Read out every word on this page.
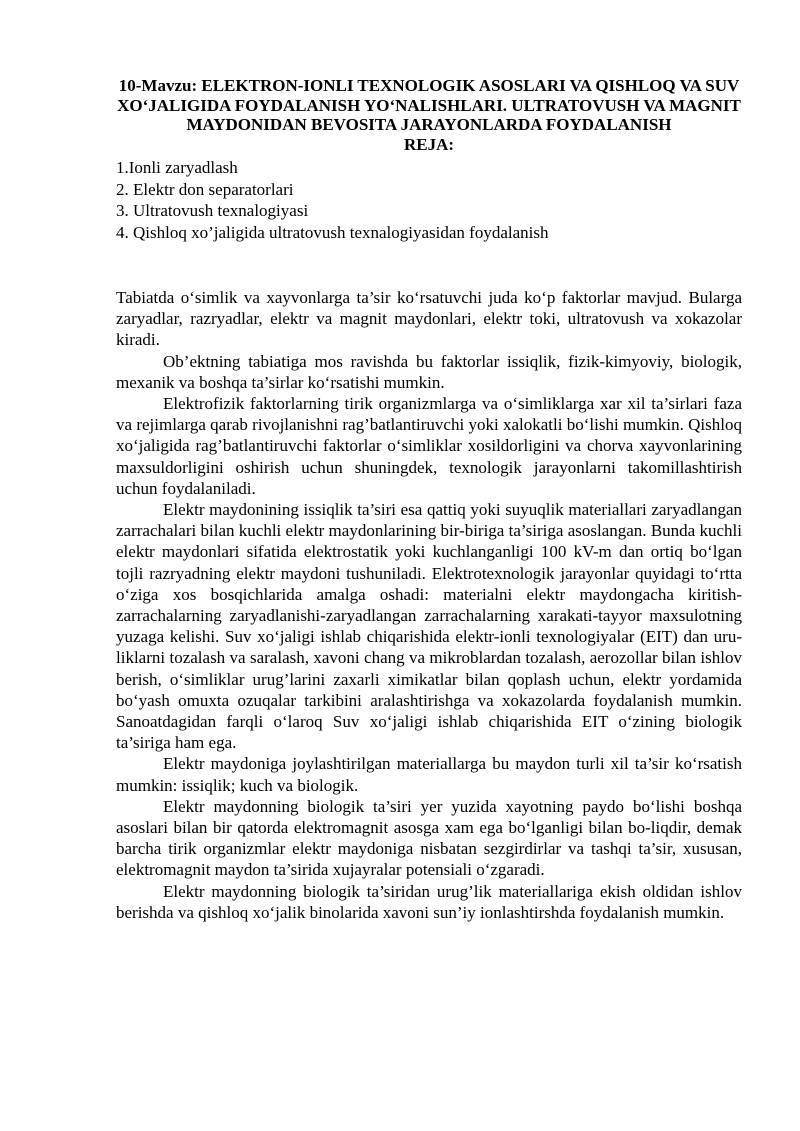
10-Mavzu: ELEKTRON-IONLI TEXNOLOGIK ASOSLARI VA QISHLOQ VA SUV XO‘JALIGIDA FOYDALANISH YO‘NALISHLARI. ULTRATOVUSH VA MAGNIT MAYDONIDAN BEVOSITA JARAYONLARDA FOYDALANISH
REJA:
1.Ionli zaryadlash
2. Elektr don separatorlari
3. Ultratovush texnalogiyasi
4. Qishloq xo’jaligida ultratovush texnalogiyasidan foydalanish

Tabiatda o‘simlik va xayvonlarga ta’sir ko‘rsatuvchi juda ko‘p faktorlar mavjud. Bularga zaryadlar, razryadlar, elektr va magnit maydonlari, elektr toki, ultratovush va xokazolar kiradi.

Ob’ektning tabiatiga mos ravishda bu faktorlar issiqlik, fizik-kimyoviy, biologik, mexanik va boshqa ta’sirlar ko‘rsatishi mumkin.

Elektrofizik faktorlarning tirik organizmlarga va o‘simliklarga xar xil ta’sirlari faza va rejimlarga qarab rivojlanishni rag’batlantiruvchi yoki xalokatli bo‘lishi mumkin. Qishloq xo‘jaligida rag’batlantiruvchi faktorlar o‘simliklar xosildorligini va chorva xayvonlarining maxsuldorligini oshirish uchun shuningdek, texnologik jarayonlarni takomillashtirish uchun foydalaniladi.

Elektr maydonining issiqlik ta’siri esa qattiq yoki suyuqlik materiallari zaryadlangan zarrachalari bilan kuchli elektr maydonlarining bir-biriga ta’siriga asoslangan. Bunda kuchli elektr maydonlari sifatida elektrostatik yoki kuchlanganligi 100 kV-m dan ortiq bo‘lgan tojli razryadning elektr maydoni tushuniladi. Elektrotexnologik jarayonlar quyidagi to‘rtta o‘ziga xos bosqichlarida amalga oshadi: materialni elektr maydongacha kiritish-zarrachalarning zaryadlanishi-zaryadlangan zarrachalarning xarakati-tayyor maxsulotning yuzaga kelishi. Suv xo‘jaligi ishlab chiqarishida elektr-ionli texnologiyalar (EIT) dan uru-liklarni tozalash va saralash, xavoni chang va mikroblardan tozalash, aerozollar bilan ishlov berish, o‘simliklar urug’larini zaxarli ximikatlar bilan qoplash uchun, elektr yordamida bo‘yash omuxta ozuqalar tarkibini aralashtirishga va xokazolarda foydalanish mumkin. Sanoatdagidan farqli o‘laroq Suv xo‘jaligi ishlab chiqarishida EIT o‘zining biologik ta’siriga ham ega.

Elektr maydoniga joylashtirilgan materiallarga bu maydon turli xil ta’sir ko‘rsatish mumkin: issiqlik; kuch va biologik.

Elektr maydonning biologik ta’siri yer yuzida xayotning paydo bo‘lishi boshqa asoslari bilan bir qatorda elektromagnit asosga xam ega bo‘lganligi bilan bo-liqdir, demak barcha tirik organizmlar elektr maydoniga nisbatan sezgirdirlar va tashqi ta’sir, xususan, elektromagnit maydon ta’sirida xujayralar potensiali o‘zgaradi.

Elektr maydonning biologik ta’siridan urug’lik materiallariga ekish oldidan ishlov berishda va qishloq xo‘jalik binolarida xavoni sun’iy ionlashtirshda foydalanish mumkin.
